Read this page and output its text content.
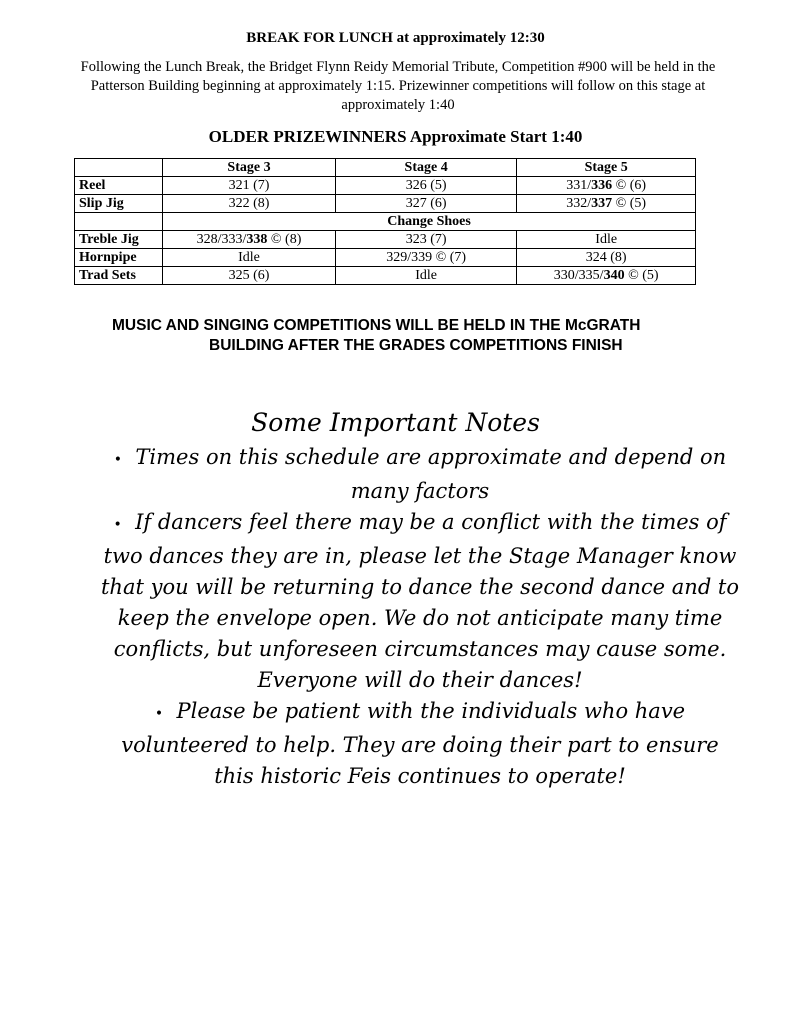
BREAK FOR LUNCH at approximately 12:30
Following the Lunch Break, the Bridget Flynn Reidy Memorial Tribute, Competition #900 will be held in the Patterson Building beginning at approximately 1:15. Prizewinner competitions will follow on this stage at approximately 1:40
OLDER PRIZEWINNERS Approximate Start 1:40
	Stage 3	Stage 4	Stage 5
Reel	321 (7)	326 (5)	331/336 © (6)
Slip Jig	322 (8)	327 (6)	332/337 © (5)
	Change Shoes		
Treble Jig	328/333/338 © (8)	323 (7)	Idle
Hornpipe	Idle	329/339 © (7)	324 (8)
Trad Sets	325 (6)	Idle	330/335/340 © (5)
MUSIC AND SINGING COMPETITIONS WILL BE HELD IN THE McGRATH
BUILDING AFTER THE GRADES COMPETITIONS FINISH
Some Important Notes
• Times on this schedule are approximate and depend on many factors
• If dancers feel there may be a conflict with the times of two dances they are in, please let the Stage Manager know that you will be returning to dance the second dance and to keep the envelope open. We do not anticipate many time conflicts, but unforeseen circumstances may cause some. Everyone will do their dances!
• Please be patient with the individuals who have volunteered to help. They are doing their part to ensure this historic Feis continues to operate!
